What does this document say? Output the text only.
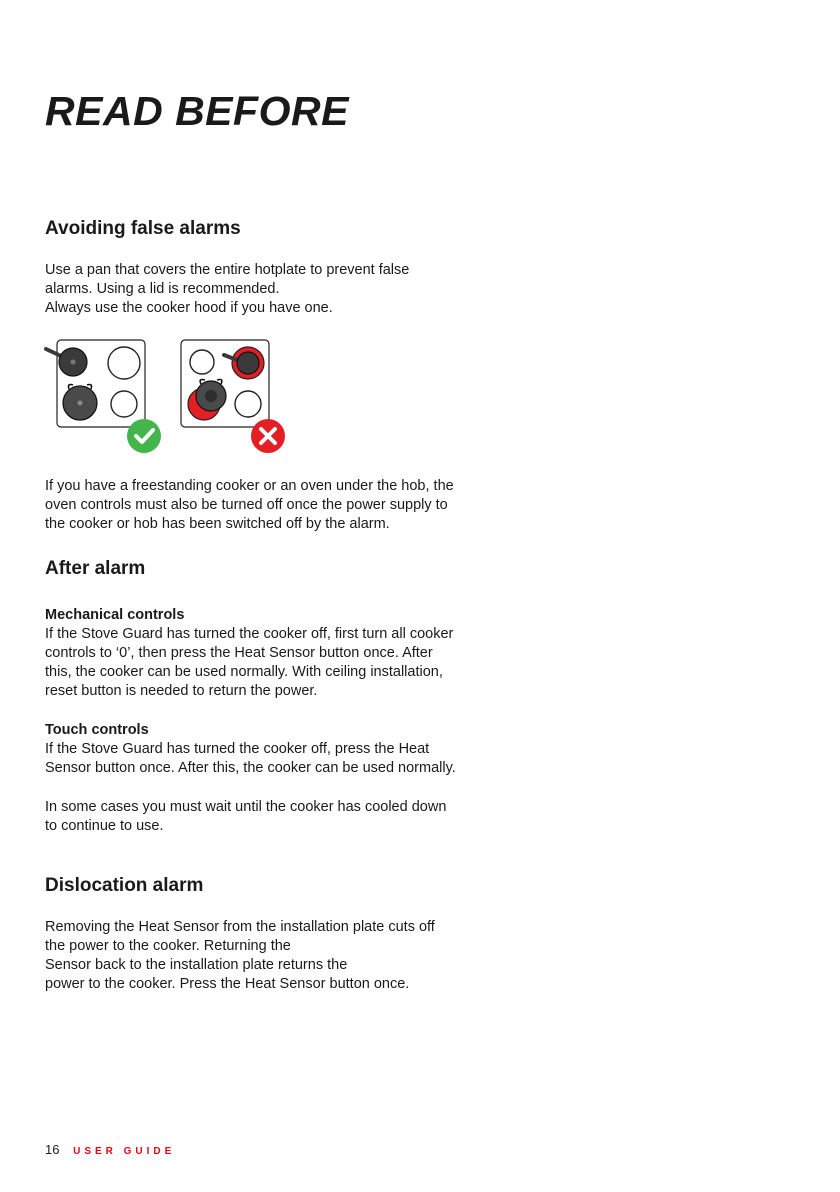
READ BEFORE
Avoiding false alarms

Use a pan that covers the entire hotplate to prevent false
alarms. Using a lid is recommended.
Always use the cooker hood if you have one.

If you have a freestanding cooker or an oven under the hob, the
oven controls must also be turned off once the power supply to
the cooker or hob has been switched off by the alarm.

After alarm

Mechanical controls
If the Stove Guard has turned the cooker off, first turn all cooker
controls to ‘0’, then press the Heat Sensor button once. After
this, the cooker can be used normally. With ceiling installation,
reset button is needed to return the power.

Touch controls
If the Stove Guard has turned the cooker off, press the Heat
Sensor button once. After this, the cooker can be used normally.

In some cases you must wait until the cooker has cooled down
to continue to use.

Dislocation alarm

Removing the Heat Sensor from the installation plate cuts off
the power to the cooker. Returning the
Sensor back to the installation plate returns the
power to the cooker. Press the Heat Sensor button once.

16 USER GUIDE
